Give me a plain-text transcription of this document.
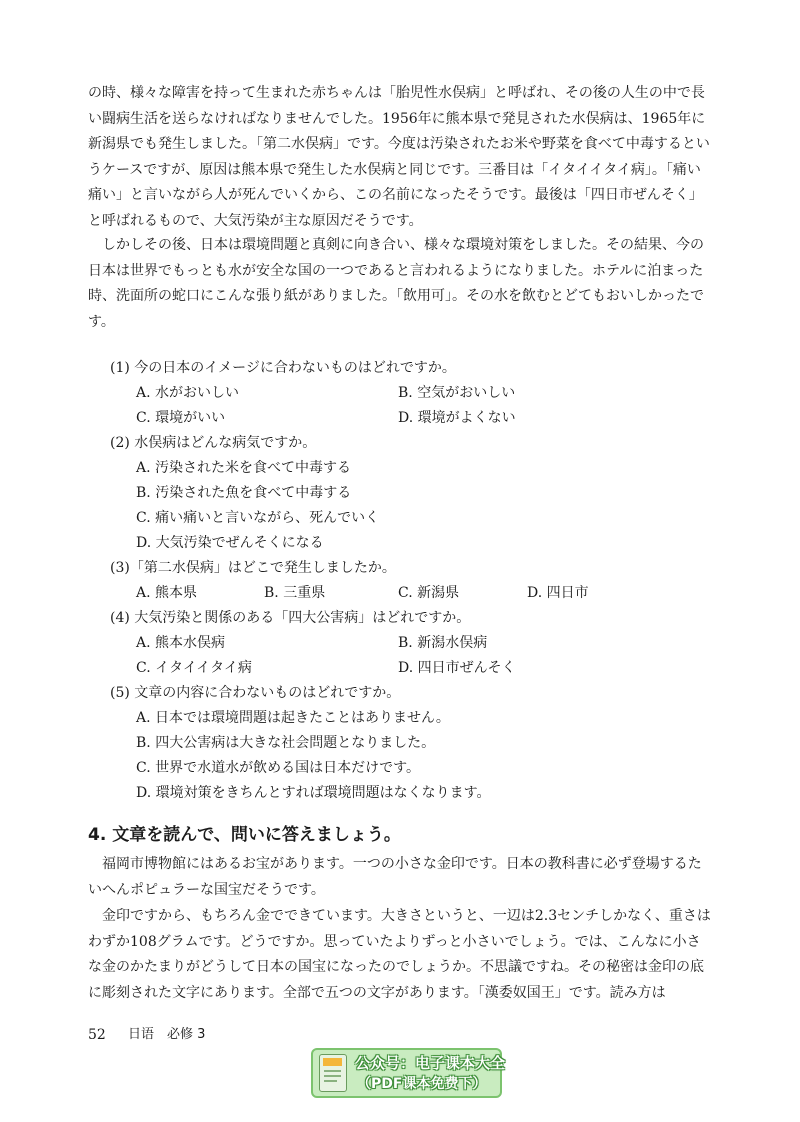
の時、様々な障害を持って生まれた赤ちゃんは「胎児性水俣病」と呼ばれ、その後の人生の中で長い闘病生活を送らなければなりませんでした。1956年に熊本県で発見された水俣病は、1965年に新潟県でも発生しました。「第二水俣病」です。今度は汚染されたお米や野菜を食べて中毒するというケースですが、原因は熊本県で発生した水俣病と同じです。三番目は「イタイイタイ病」。「痛い痛い」と言いながら人が死んでいくから、この名前になったそうです。最後は「四日市ぜんそく」と呼ばれるもので、大気汚染が主な原因だそうです。

しかしその後、日本は環境問題と真剣に向き合い、様々な環境対策をしました。その結果、今の日本は世界でもっとも水が安全な国の一つであると言われるようになりました。ホテルに泊まった時、洗面所の蛇口にこんな張り紙がありました。「飲用可」。その水を飲むとどてもおいしかったです。

(1) 今の日本のイメージに合わないものはどれですか。
A. 水がおいしい	B. 空気がおいしい
C. 環境がいい	D. 環境がよくない
(2) 水俣病はどんな病気ですか。
A. 汚染された米を食べて中毒する
B. 汚染された魚を食べて中毒する
C. 痛い痛いと言いながら、死んでいく
D. 大気汚染でぜんそくになる
(3)「第二水俣病」はどこで発生しましたか。
A. 熊本県	B. 三重県	C. 新潟県	D. 四日市
(4) 大気汚染と関係のある「四大公害病」はどれですか。
A. 熊本水俣病	B. 新潟水俣病
C. イタイイタイ病	D. 四日市ぜんそく
(5) 文章の内容に合わないものはどれですか。
A. 日本では環境問題は起きたことはありません。
B. 四大公害病は大きな社会問題となりました。
C. 世界で水道水が飲める国は日本だけです。
D. 環境対策をきちんとすれば環境問題はなくなります。
4. 文章を読んで、問いに答えましょう。

福岡市博物館にはあるお宝があります。一つの小さな金印です。日本の教科書に必ず登場するたいへんポピュラーな国宝だそうです。

金印ですから、もちろん金でできています。大きさというと、一辺は2.3センチしかなく、重さはわずか108グラムです。どうですか。思っていたよりずっと小さいでしょう。では、こんなに小さな金のかたまりがどうして日本の国宝になったのでしょうか。不思議ですね。その秘密は金印の底に彫刻された文字にあります。全部で五つの文字があります。「漢委奴国王」です。読み方は

52 日语　必修 3
公众号：电子课本大全
（PDF课本免费下）
